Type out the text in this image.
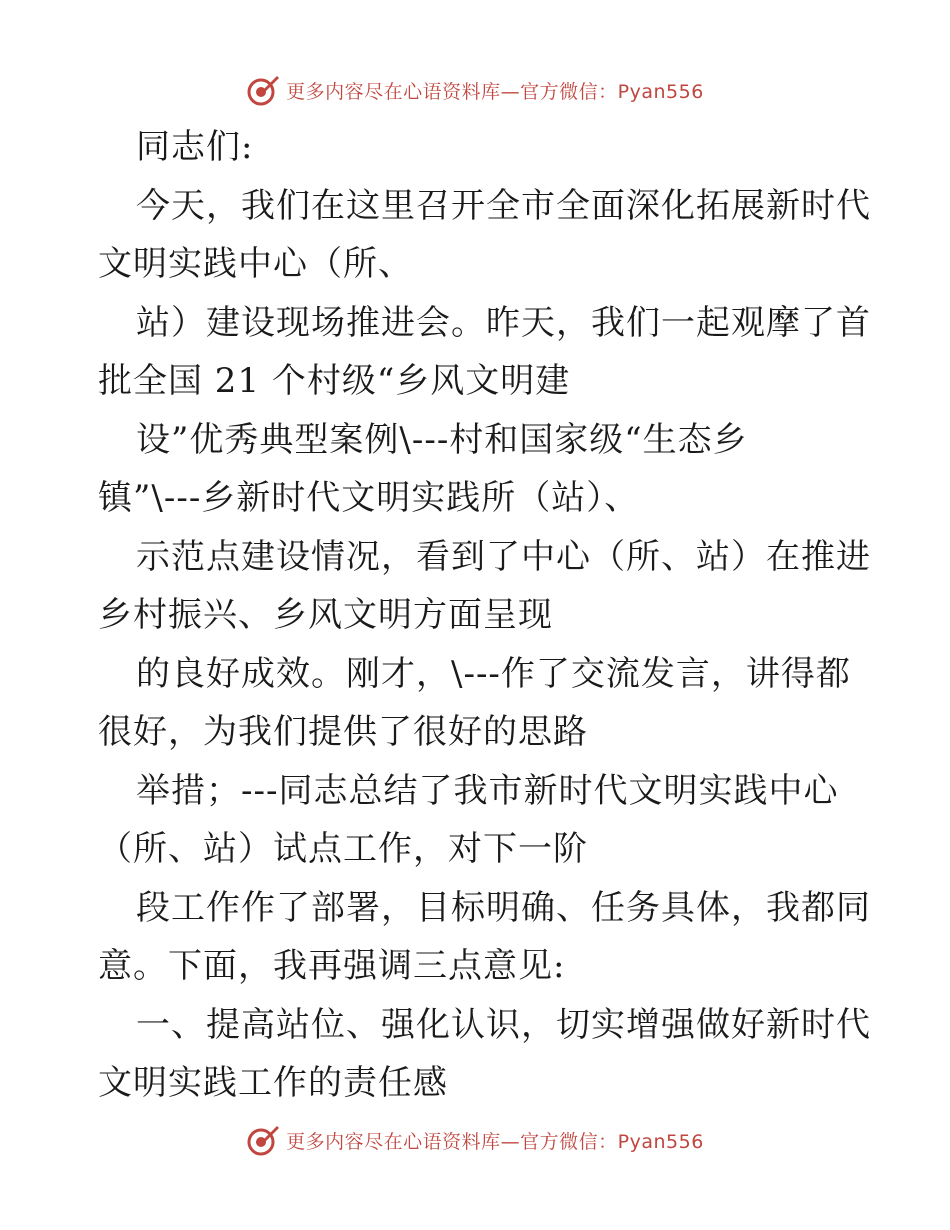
更多内容尽在心语资料库—官方微信：Pyan556
同志们:
今天，我们在这里召开全市全面深化拓展新时代
文明实践中心（所、
站）建设现场推进会。昨天，我们一起观摩了首
批全国 21 个村级“乡风文明建
设”优秀典型案例\---村和国家级“生态乡
镇”\---乡新时代文明实践所（站）、
示范点建设情况，看到了中心（所、站）在推进
乡村振兴、乡风文明方面呈现
的良好成效。刚才，\---作了交流发言，讲得都
很好，为我们提供了很好的思路
举措；---同志总结了我市新时代文明实践中心
（所、站）试点工作，对下一阶
段工作作了部署，目标明确、任务具体，我都同
意。下面，我再强调三点意见:
一、提高站位、强化认识，切实增强做好新时代
文明实践工作的责任感
更多内容尽在心语资料库—官方微信：Pyan556
